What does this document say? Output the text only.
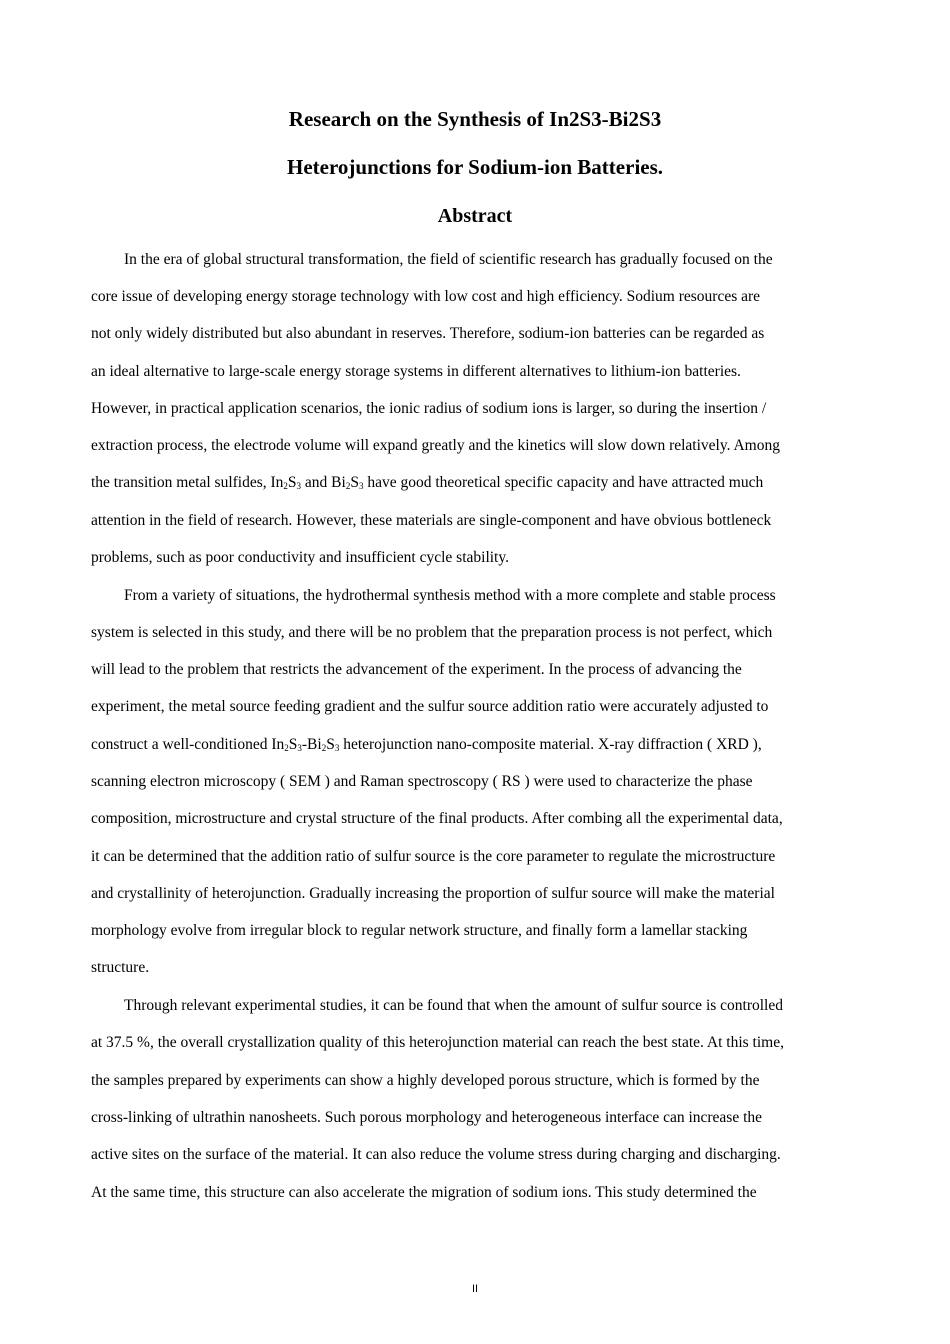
Research on the Synthesis of In2S3-Bi2S3
Heterojunctions for Sodium-ion Batteries.
Abstract

In the era of global structural transformation, the field of scientific research has gradually focused on the

core issue of developing energy storage technology with low cost and high efficiency. Sodium resources are

not only widely distributed but also abundant in reserves. Therefore, sodium-ion batteries can be regarded as

an ideal alternative to large-scale energy storage systems in different alternatives to lithium-ion batteries.

However, in practical application scenarios, the ionic radius of sodium ions is larger, so during the insertion /

extraction process, the electrode volume will expand greatly and the kinetics will slow down relatively. Among

the transition metal sulfides, $In_2S_3$ and $Bi_2S_3$ have good theoretical specific capacity and have attracted much

attention in the field of research. However, these materials are single-component and have obvious bottleneck

problems, such as poor conductivity and insufficient cycle stability.

From a variety of situations, the hydrothermal synthesis method with a more complete and stable process

system is selected in this study, and there will be no problem that the preparation process is not perfect, which

will lead to the problem that restricts the advancement of the experiment. In the process of advancing the

experiment, the metal source feeding gradient and the sulfur source addition ratio were accurately adjusted to

construct a well-conditioned $In_2S_3-Bi_2S_3$ heterojunction nano-composite material. X-ray diffraction ( XRD ),

scanning electron microscopy ( SEM ) and Raman spectroscopy ( RS ) were used to characterize the phase

composition, microstructure and crystal structure of the final products. After combing all the experimental data,

it can be determined that the addition ratio of sulfur source is the core parameter to regulate the microstructure

and crystallinity of heterojunction. Gradually increasing the proportion of sulfur source will make the material

morphology evolve from irregular block to regular network structure, and finally form a lamellar stacking

structure.

Through relevant experimental studies, it can be found that when the amount of sulfur source is controlled

at 37.5 %, the overall crystallization quality of this heterojunction material can reach the best state. At this time,

the samples prepared by experiments can show a highly developed porous structure, which is formed by the

cross-linking of ultrathin nanosheets. Such porous morphology and heterogeneous interface can increase the

active sites on the surface of the material. It can also reduce the volume stress during charging and discharging.

At the same time, this structure can also accelerate the migration of sodium ions. This study determined the

II
